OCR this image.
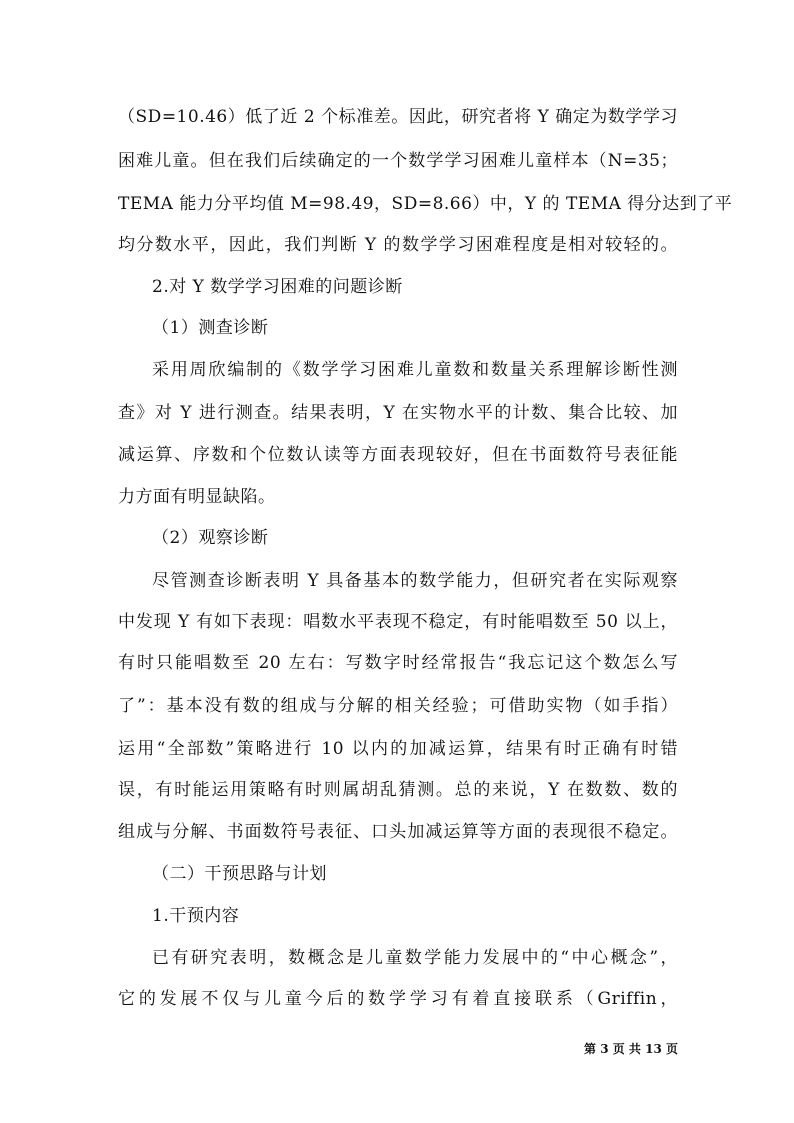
（SD=10.46）低了近 2 个标准差。因此，研究者将 Y 确定为数学学习
困难儿童。但在我们后续确定的一个数学学习困难儿童样本（N=35；
TEMA 能力分平均值 M=98.49，SD=8.66）中，Y 的 TEMA 得分达到了平
均分数水平，因此，我们判断 Y 的数学学习困难程度是相对较轻的。
2.对 Y 数学学习困难的问题诊断
（1）测查诊断
采用周欣编制的《数学学习困难儿童数和数量关系理解诊断性测
查》对 Y 进行测查。结果表明，Y 在实物水平的计数、集合比较、加
减运算、序数和个位数认读等方面表现较好，但在书面数符号表征能
力方面有明显缺陷。
（2）观察诊断
尽管测查诊断表明 Y 具备基本的数学能力，但研究者在实际观察
中发现 Y 有如下表现：唱数水平表现不稳定，有时能唱数至 50 以上，
有时只能唱数至 20 左右：写数字时经常报告“我忘记这个数怎么写
了”：基本没有数的组成与分解的相关经验；可借助实物（如手指）
运用“全部数”策略进行 10 以内的加减运算，结果有时正确有时错
误，有时能运用策略有时则属胡乱猜测。总的来说，Y 在数数、数的
组成与分解、书面数符号表征、口头加减运算等方面的表现很不稳定。
（二）干预思路与计划
1.干预内容
已有研究表明，数概念是儿童数学能力发展中的“中心概念”，
它的发展不仅与儿童今后的数学学习有着直接联系（Griffin，
第 3 页 共 13 页
